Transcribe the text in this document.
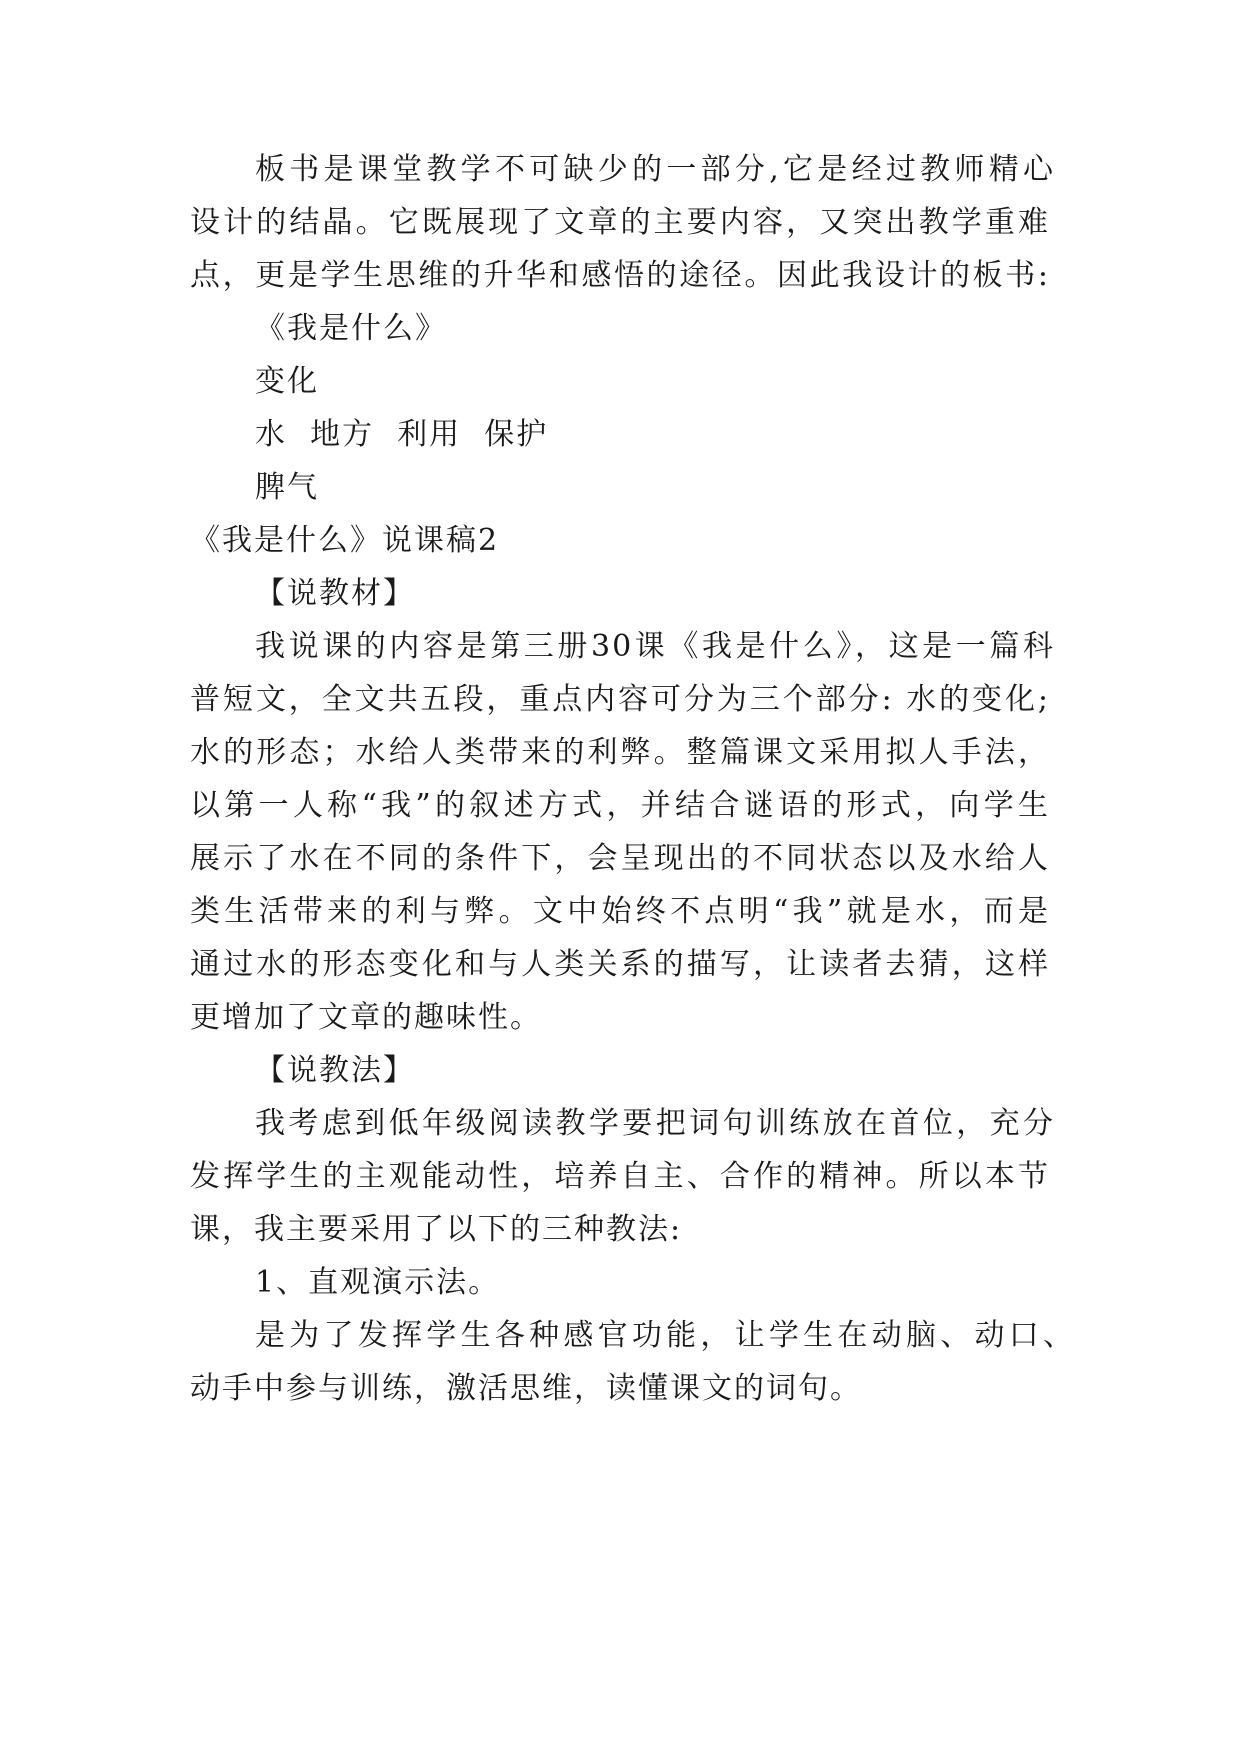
板书是课堂教学不可缺少的一部分,它是经过教师精心
设计的结晶。它既展现了文章的主要内容，又突出教学重难
点，更是学生思维的升华和感悟的途径。因此我设计的板书:
《我是什么》
变化
水  地方  利用  保护
脾气
《我是什么》说课稿2
【说教材】
我说课的内容是第三册30课《我是什么》，这是一篇科
普短文，全文共五段，重点内容可分为三个部分: 水的变化;
水的形态；水给人类带来的利弊。整篇课文采用拟人手法，
以第一人称“我”的叙述方式，并结合谜语的形式，向学生
展示了水在不同的条件下，会呈现出的不同状态以及水给人
类生活带来的利与弊。文中始终不点明“我”就是水，而是
通过水的形态变化和与人类关系的描写，让读者去猜，这样
更增加了文章的趣味性。
【说教法】
我考虑到低年级阅读教学要把词句训练放在首位，充分
发挥学生的主观能动性，培养自主、合作的精神。所以本节
课，我主要采用了以下的三种教法:
1、直观演示法。
是为了发挥学生各种感官功能，让学生在动脑、动口、
动手中参与训练，激活思维，读懂课文的词句。
